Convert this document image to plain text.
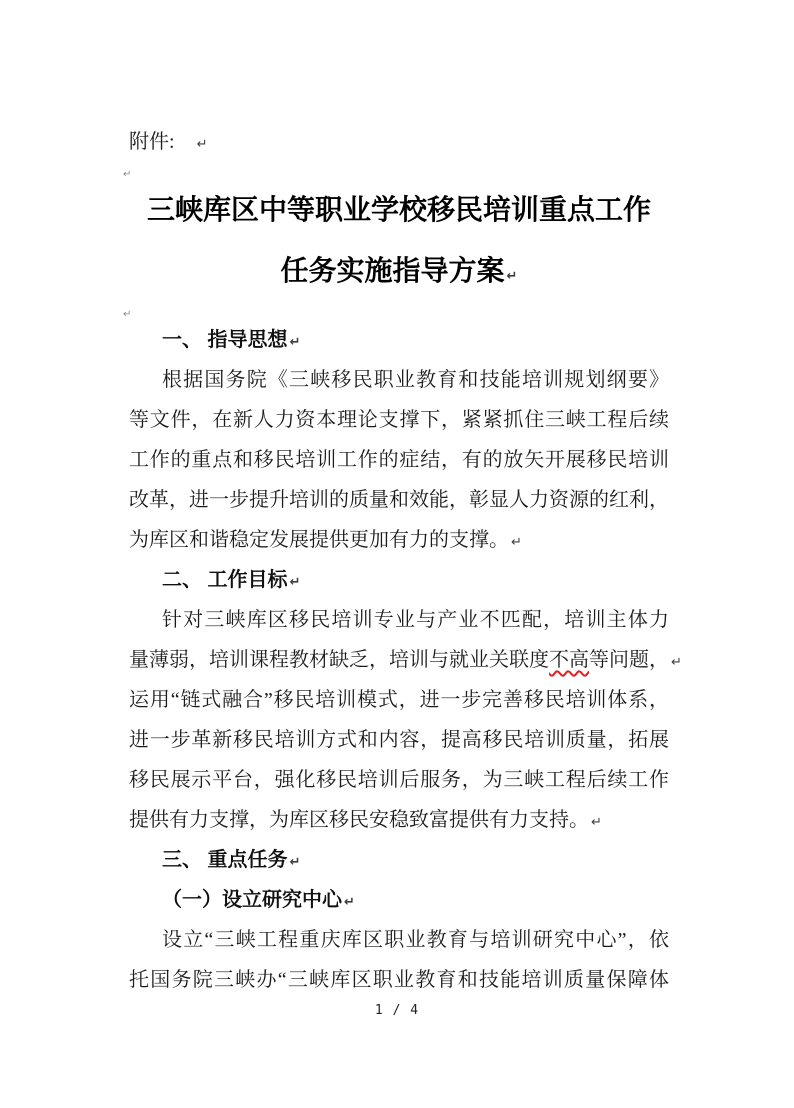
附件: ↵
↵
三峡库区中等职业学校移民培训重点工作
任务实施指导方案 ↵
↵
一、 指导思想 ↵
根据国务院《三峡移民职业教育和技能培训规划纲要》
等文件，在新人力资本理论支撑下，紧紧抓住三峡工程后续
工作的重点和移民培训工作的症结，有的放矢开展移民培训
改革，进一步提升培训的质量和效能，彰显人力资源的红利，
为库区和谐稳定发展提供更加有力的支撑。 ↵
二、 工作目标 ↵
针对三峡库区移民培训专业与产业不匹配，培训主体力
量薄弱，培训课程教材缺乏，培训与就业关联度不高等问题， ↵
运用“链式融合”移民培训模式，进一步完善移民培训体系，
进一步革新移民培训方式和内容，提高移民培训质量，拓展
移民展示平台，强化移民培训后服务，为三峡工程后续工作
提供有力支撑，为库区移民安稳致富提供有力支持。 ↵
三、 重点任务 ↵
（一）设立研究中心 ↵
设立“三峡工程重庆库区职业教育与培训研究中心”，依
托国务院三峡办“三峡库区职业教育和技能培训质量保障体
1 / 4
